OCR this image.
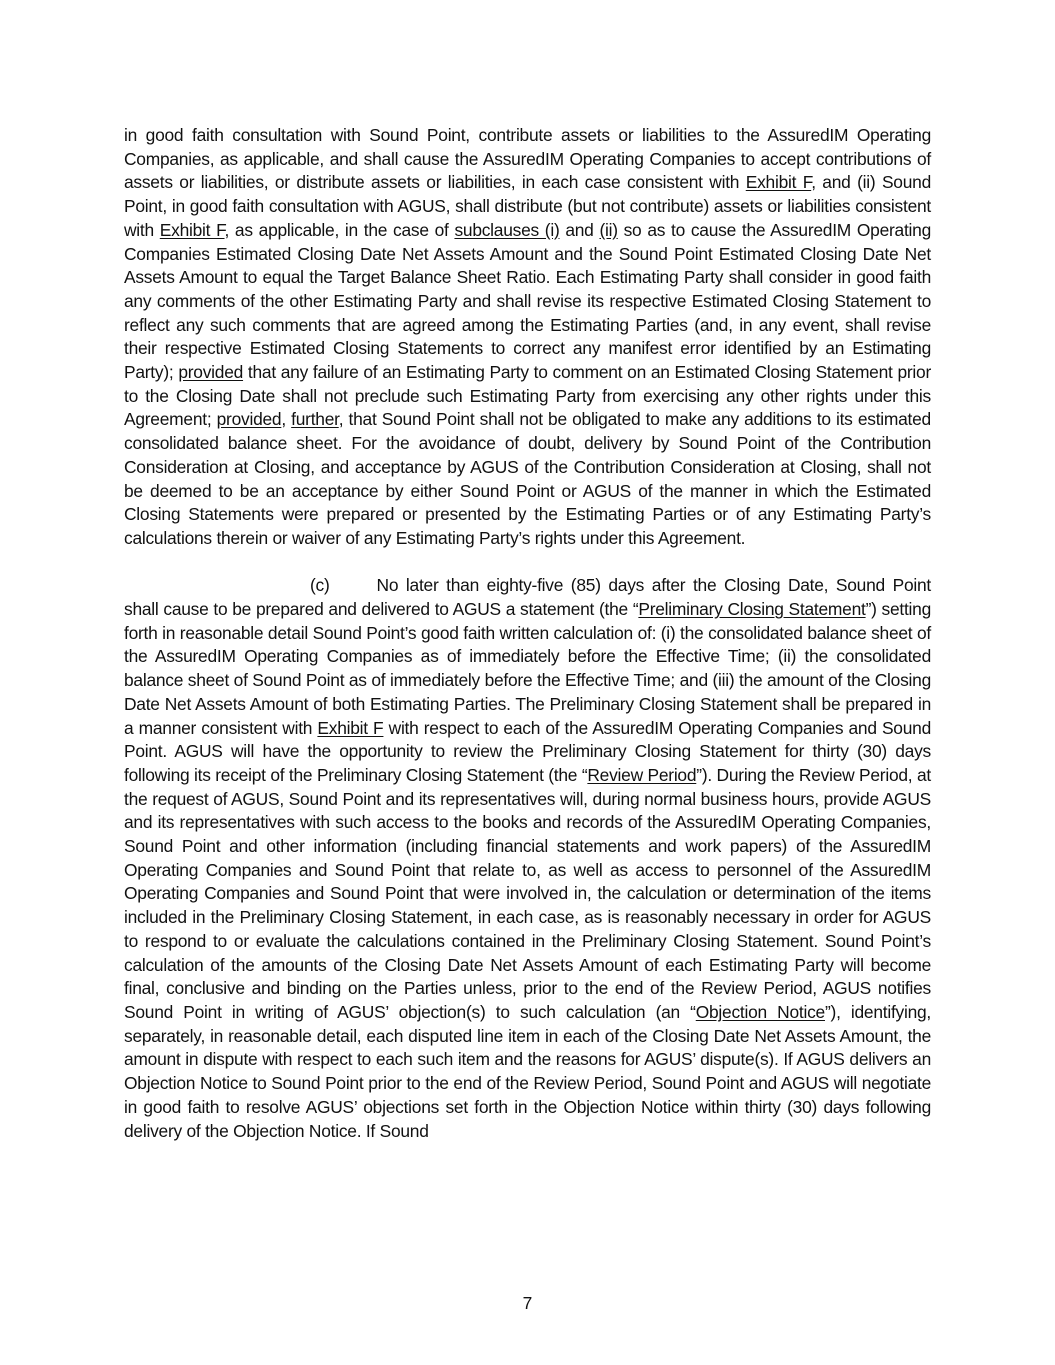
in good faith consultation with Sound Point, contribute assets or liabilities to the AssuredIM Operating Companies, as applicable, and shall cause the AssuredIM Operating Companies to accept contributions of assets or liabilities, or distribute assets or liabilities, in each case consistent with Exhibit F, and (ii) Sound Point, in good faith consultation with AGUS, shall distribute (but not contribute) assets or liabilities consistent with Exhibit F, as applicable, in the case of subclauses (i) and (ii) so as to cause the AssuredIM Operating Companies Estimated Closing Date Net Assets Amount and the Sound Point Estimated Closing Date Net Assets Amount to equal the Target Balance Sheet Ratio. Each Estimating Party shall consider in good faith any comments of the other Estimating Party and shall revise its respective Estimated Closing Statement to reflect any such comments that are agreed among the Estimating Parties (and, in any event, shall revise their respective Estimated Closing Statements to correct any manifest error identified by an Estimating Party); provided that any failure of an Estimating Party to comment on an Estimated Closing Statement prior to the Closing Date shall not preclude such Estimating Party from exercising any other rights under this Agreement; provided, further, that Sound Point shall not be obligated to make any additions to its estimated consolidated balance sheet. For the avoidance of doubt, delivery by Sound Point of the Contribution Consideration at Closing, and acceptance by AGUS of the Contribution Consideration at Closing, shall not be deemed to be an acceptance by either Sound Point or AGUS of the manner in which the Estimated Closing Statements were prepared or presented by the Estimating Parties or of any Estimating Party’s calculations therein or waiver of any Estimating Party’s rights under this Agreement.

(c)	No later than eighty-five (85) days after the Closing Date, Sound Point shall cause to be prepared and delivered to AGUS a statement (the “Preliminary Closing Statement”) setting forth in reasonable detail Sound Point’s good faith written calculation of: (i) the consolidated balance sheet of the AssuredIM Operating Companies as of immediately before the Effective Time; (ii) the consolidated balance sheet of Sound Point as of immediately before the Effective Time; and (iii) the amount of the Closing Date Net Assets Amount of both Estimating Parties. The Preliminary Closing Statement shall be prepared in a manner consistent with Exhibit F with respect to each of the AssuredIM Operating Companies and Sound Point. AGUS will have the opportunity to review the Preliminary Closing Statement for thirty (30) days following its receipt of the Preliminary Closing Statement (the “Review Period”). During the Review Period, at the request of AGUS, Sound Point and its representatives will, during normal business hours, provide AGUS and its representatives with such access to the books and records of the AssuredIM Operating Companies, Sound Point and other information (including financial statements and work papers) of the AssuredIM Operating Companies and Sound Point that relate to, as well as access to personnel of the AssuredIM Operating Companies and Sound Point that were involved in, the calculation or determination of the items included in the Preliminary Closing Statement, in each case, as is reasonably necessary in order for AGUS to respond to or evaluate the calculations contained in the Preliminary Closing Statement. Sound Point’s calculation of the amounts of the Closing Date Net Assets Amount of each Estimating Party will become final, conclusive and binding on the Parties unless, prior to the end of the Review Period, AGUS notifies Sound Point in writing of AGUS’ objection(s) to such calculation (an “Objection Notice”), identifying, separately, in reasonable detail, each disputed line item in each of the Closing Date Net Assets Amount, the amount in dispute with respect to each such item and the reasons for AGUS’ dispute(s). If AGUS delivers an Objection Notice to Sound Point prior to the end of the Review Period, Sound Point and AGUS will negotiate in good faith to resolve AGUS’ objections set forth in the Objection Notice within thirty (30) days following delivery of the Objection Notice. If Sound

7
